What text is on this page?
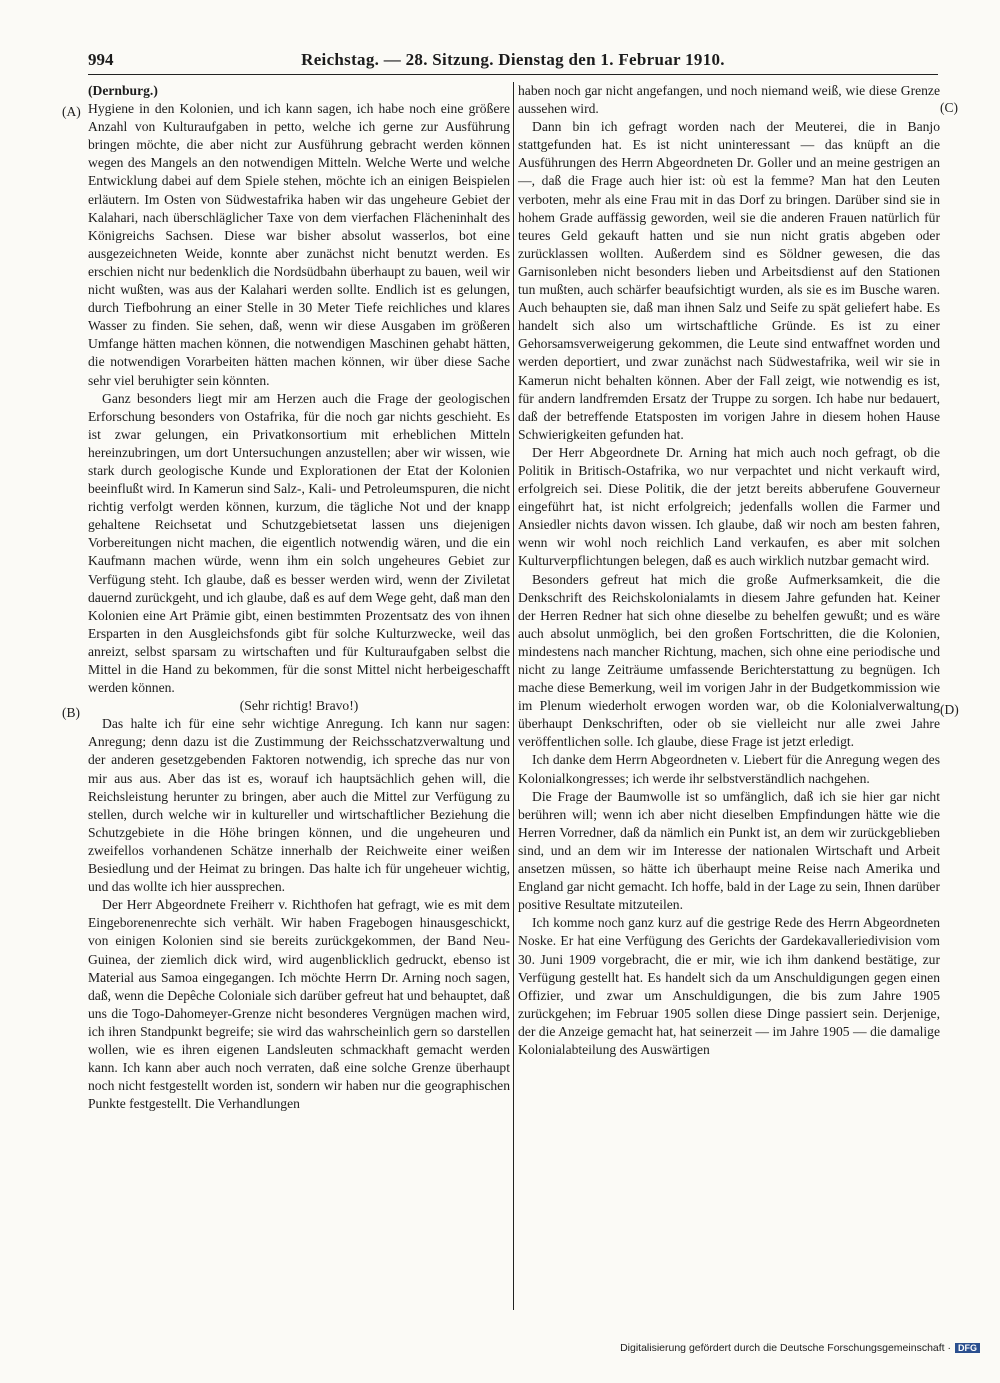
994	Reichstag. — 28. Sitzung. Dienstag den 1. Februar 1910.
(A)
(B)
(C)
(D)

(Dernburg.)

Hygiene in den Kolonien, und ich kann sagen, ich habe noch eine größere Anzahl von Kulturaufgaben in petto, welche ich gerne zur Ausführung bringen möchte, die aber nicht zur Ausführung gebracht werden können wegen des Mangels an den notwendigen Mitteln. Welche Werte und welche Entwicklung dabei auf dem Spiele stehen, möchte ich an einigen Beispielen erläutern. Im Osten von Südwestafrika haben wir das ungeheure Gebiet der Kalahari, nach überschläglicher Taxe von dem vierfachen Flächeninhalt des Königreichs Sachsen. Diese war bisher absolut wasserlos, bot eine ausgezeichneten Weide, konnte aber zunächst nicht benutzt werden. Es erschien nicht nur bedenklich die Nordsüdbahn überhaupt zu bauen, weil wir nicht wußten, was aus der Kalahari werden sollte. Endlich ist es gelungen, durch Tiefbohrung an einer Stelle in 30 Meter Tiefe reichliches und klares Wasser zu finden. Sie sehen, daß, wenn wir diese Ausgaben im größeren Umfange hätten machen können, die notwendigen Maschinen gehabt hätten, die notwendigen Vorarbeiten hätten machen können, wir über diese Sache sehr viel beruhigter sein könnten.

Ganz besonders liegt mir am Herzen auch die Frage der geologischen Erforschung besonders von Ostafrika, für die noch gar nichts geschieht. Es ist zwar gelungen, ein Privatkonsortium mit erheblichen Mitteln hereinzubringen, um dort Untersuchungen anzustellen; aber wir wissen, wie stark durch geologische Kunde und Explorationen der Etat der Kolonien beeinflußt wird. In Kamerun sind Salz-, Kali- und Petroleumspuren, die nicht richtig verfolgt werden können, kurzum, die tägliche Not und der knapp gehaltene Reichsetat und Schutzgebietsetat lassen uns diejenigen Vorbereitungen nicht machen, die eigentlich notwendig wären, und die ein Kaufmann machen würde, wenn ihm ein solch ungeheures Gebiet zur Verfügung steht. Ich glaube, daß es besser werden wird, wenn der Ziviletat dauernd zurückgeht, und ich glaube, daß es auf dem Wege geht, daß man den Kolonien eine Art Prämie gibt, einen bestimmten Prozentsatz des von ihnen Ersparten in den Ausgleichsfonds gibt für solche Kulturzwecke, weil das anreizt, selbst sparsam zu wirtschaften und für Kulturaufgaben selbst die Mittel in die Hand zu bekommen, für die sonst Mittel nicht herbeigeschafft werden können.

(Sehr richtig! Bravo!)

Das halte ich für eine sehr wichtige Anregung. Ich kann nur sagen: Anregung; denn dazu ist die Zustimmung der Reichsschatzverwaltung und der anderen gesetzgebenden Faktoren notwendig, ich spreche das nur von mir aus aus. Aber das ist es, worauf ich hauptsächlich gehen will, die Reichsleistung herunter zu bringen, aber auch die Mittel zur Verfügung zu stellen, durch welche wir in kultureller und wirtschaftlicher Beziehung die Schutzgebiete in die Höhe bringen können, und die ungeheuren und zweifellos vorhandenen Schätze innerhalb der Reichweite einer weißen Besiedlung und der Heimat zu bringen. Das halte ich für ungeheuer wichtig, und das wollte ich hier aussprechen.

Der Herr Abgeordnete Freiherr v. Richthofen hat gefragt, wie es mit dem Eingeborenenrechte sich verhält. Wir haben Fragebogen hinausgeschickt, von einigen Kolonien sind sie bereits zurückgekommen, der Band Neu-Guinea, der ziemlich dick wird, wird augenblicklich gedruckt, ebenso ist Material aus Samoa eingegangen. Ich möchte Herrn Dr. Arning noch sagen, daß, wenn die Depêche Coloniale sich darüber gefreut hat und behauptet, daß uns die Togo-Dahomeyer-Grenze nicht besonderes Vergnügen machen wird, ich ihren Standpunkt begreife; sie wird das wahrscheinlich gern so darstellen wollen, wie es ihren eigenen Landsleuten schmackhaft gemacht werden kann. Ich kann aber auch noch verraten, daß eine solche Grenze überhaupt noch nicht festgestellt worden ist, sondern wir haben nur die geographischen Punkte festgestellt. Die Verhandlungen

haben noch gar nicht angefangen, und noch niemand weiß, wie diese Grenze aussehen wird.

Dann bin ich gefragt worden nach der Meuterei, die in Banjo stattgefunden hat. Es ist nicht uninteressant — das knüpft an die Ausführungen des Herrn Abgeordneten Dr. Goller und an meine gestrigen an —, daß die Frage auch hier ist: où est la femme? Man hat den Leuten verboten, mehr als eine Frau mit in das Dorf zu bringen. Darüber sind sie in hohem Grade auffässig geworden, weil sie die anderen Frauen natürlich für teures Geld gekauft hatten und sie nun nicht gratis abgeben oder zurücklassen wollten. Außerdem sind es Söldner gewesen, die das Garnisonleben nicht besonders lieben und Arbeitsdienst auf den Stationen tun mußten, auch schärfer beaufsichtigt wurden, als sie es im Busche waren. Auch behaupten sie, daß man ihnen Salz und Seife zu spät geliefert habe. Es handelt sich also um wirtschaftliche Gründe. Es ist zu einer Gehorsamsverweigerung gekommen, die Leute sind entwaffnet worden und werden deportiert, und zwar zunächst nach Südwestafrika, weil wir sie in Kamerun nicht behalten können. Aber der Fall zeigt, wie notwendig es ist, für andern landfremden Ersatz der Truppe zu sorgen. Ich habe nur bedauert, daß der betreffende Etatsposten im vorigen Jahre in diesem hohen Hause Schwierigkeiten gefunden hat.

Der Herr Abgeordnete Dr. Arning hat mich auch noch gefragt, ob die Politik in Britisch-Ostafrika, wo nur verpachtet und nicht verkauft wird, erfolgreich sei. Diese Politik, die der jetzt bereits abberufene Gouverneur eingeführt hat, ist nicht erfolgreich; jedenfalls wollen die Farmer und Ansiedler nichts davon wissen. Ich glaube, daß wir noch am besten fahren, wenn wir wohl noch reichlich Land verkaufen, es aber mit solchen Kulturverpflichtungen belegen, daß es auch wirklich nutzbar gemacht wird.

Besonders gefreut hat mich die große Aufmerksamkeit, die die Denkschrift des Reichskolonialamts in diesem Jahre gefunden hat. Keiner der Herren Redner hat sich ohne dieselbe zu behelfen gewußt; und es wäre auch absolut unmöglich, bei den großen Fortschritten, die die Kolonien, mindestens nach mancher Richtung, machen, sich ohne eine periodische und nicht zu lange Zeiträume umfassende Berichterstattung zu begnügen. Ich mache diese Bemerkung, weil im vorigen Jahr in der Budgetkommission wie im Plenum wiederholt erwogen worden war, ob die Kolonialverwaltung überhaupt Denkschriften, oder ob sie vielleicht nur alle zwei Jahre veröffentlichen solle. Ich glaube, diese Frage ist jetzt erledigt.

Ich danke dem Herrn Abgeordneten v. Liebert für die Anregung wegen des Kolonialkongresses; ich werde ihr selbstverständlich nachgehen.

Die Frage der Baumwolle ist so umfänglich, daß ich sie hier gar nicht berühren will; wenn ich aber nicht dieselben Empfindungen hätte wie die Herren Vorredner, daß da nämlich ein Punkt ist, an dem wir zurückgeblieben sind, und an dem wir im Interesse der nationalen Wirtschaft und Arbeit ansetzen müssen, so hätte ich überhaupt meine Reise nach Amerika und England gar nicht gemacht. Ich hoffe, bald in der Lage zu sein, Ihnen darüber positive Resultate mitzuteilen.

Ich komme noch ganz kurz auf die gestrige Rede des Herrn Abgeordneten Noske. Er hat eine Verfügung des Gerichts der Gardekavalleriedivision vom 30. Juni 1909 vorgebracht, die er mir, wie ich ihm dankend bestätige, zur Verfügung gestellt hat. Es handelt sich da um Anschuldigungen gegen einen Offizier, und zwar um Anschuldigungen, die bis zum Jahre 1905 zurückgehen; im Februar 1905 sollen diese Dinge passiert sein. Derjenige, der die Anzeige gemacht hat, hat seinerzeit — im Jahre 1905 — die damalige Kolonialabteilung des Auswärtigen

Digitalisierung gefördert durch die Deutsche Forschungsgemeinschaft · DFG
